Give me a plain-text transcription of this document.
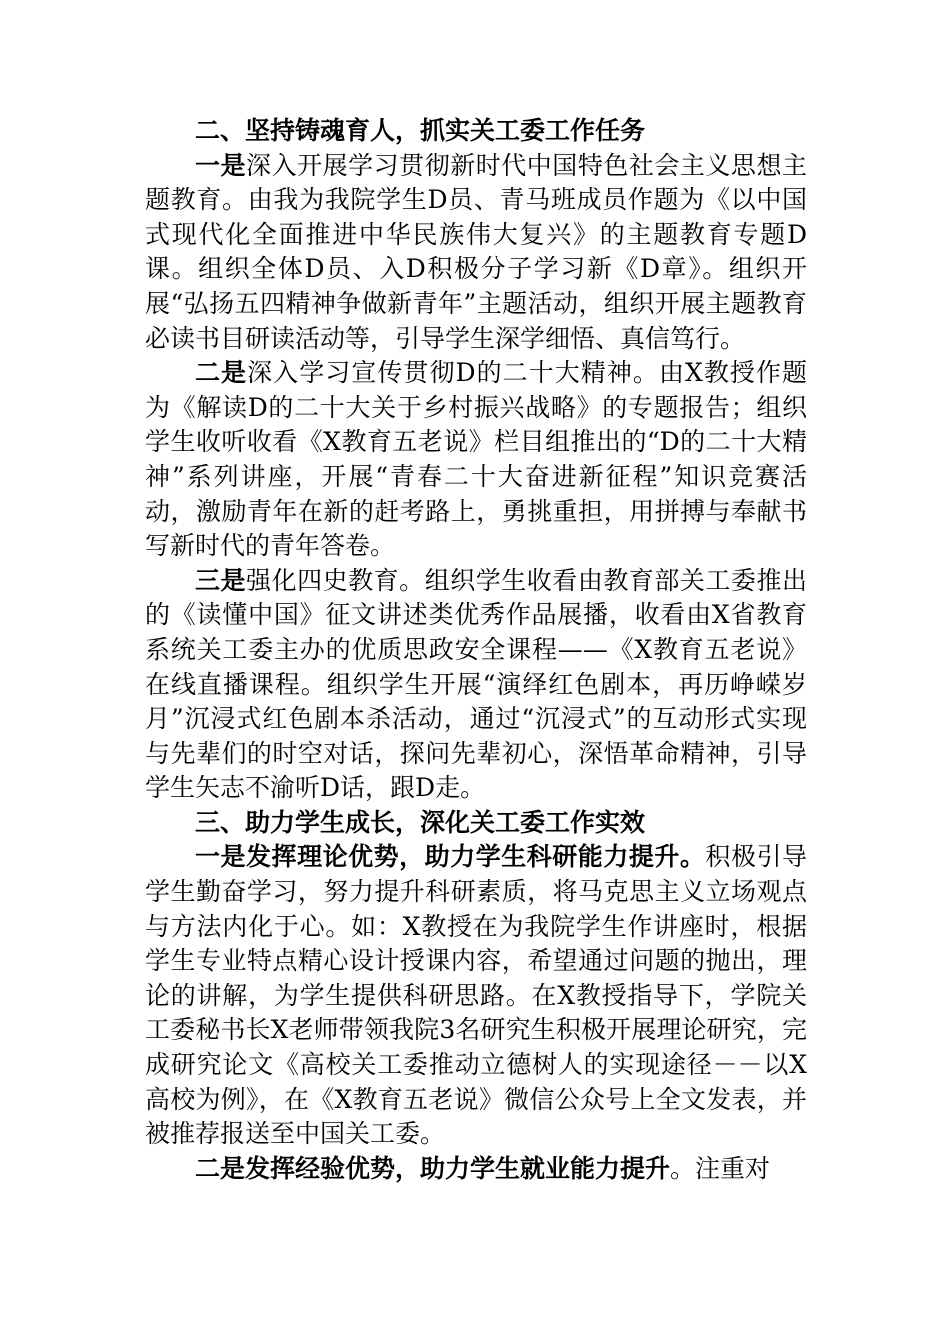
二、坚持铸魂育人，抓实关工委工作任务

一是深入开展学习贯彻新时代中国特色社会主义思想主题教育。由我为我院学生D员、青马班成员作题为《以中国式现代化全面推进中华民族伟大复兴》的主题教育专题D课。组织全体D员、入D积极分子学习新《D章》。组织开展“弘扬五四精神争做新青年”主题活动，组织开展主题教育必读书目研读活动等，引导学生深学细悟、真信笃行。

二是深入学习宣传贯彻D的二十大精神。由X教授作题为《解读D的二十大关于乡村振兴战略》的专题报告；组织学生收听收看《X教育五老说》栏目组推出的“D的二十大精神”系列讲座，开展“青春二十大奋进新征程”知识竞赛活动，激励青年在新的赶考路上，勇挑重担，用拼搏与奉献书写新时代的青年答卷。

三是强化四史教育。组织学生收看由教育部关工委推出的《读懂中国》征文讲述类优秀作品展播，收看由X省教育系统关工委主办的优质思政安全课程——《X教育五老说》在线直播课程。组织学生开展“演绎红色剧本，再历峥嵘岁月”沉浸式红色剧本杀活动，通过“沉浸式”的互动形式实现与先辈们的时空对话，探问先辈初心，深悟革命精神，引导学生矢志不渝听D话，跟D走。

三、助力学生成长，深化关工委工作实效

一是发挥理论优势，助力学生科研能力提升。积极引导学生勤奋学习，努力提升科研素质，将马克思主义立场观点与方法内化于心。如：X教授在为我院学生作讲座时，根据学生专业特点精心设计授课内容，希望通过问题的抛出，理论的讲解，为学生提供科研思路。在X教授指导下，学院关工委秘书长X老师带领我院3名研究生积极开展理论研究，完成研究论文《高校关工委推动立德树人的实现途径－－以X高校为例》，在《X教育五老说》微信公众号上全文发表，并被推荐报送至中国关工委。

二是发挥经验优势，助力学生就业能力提升。注重对
